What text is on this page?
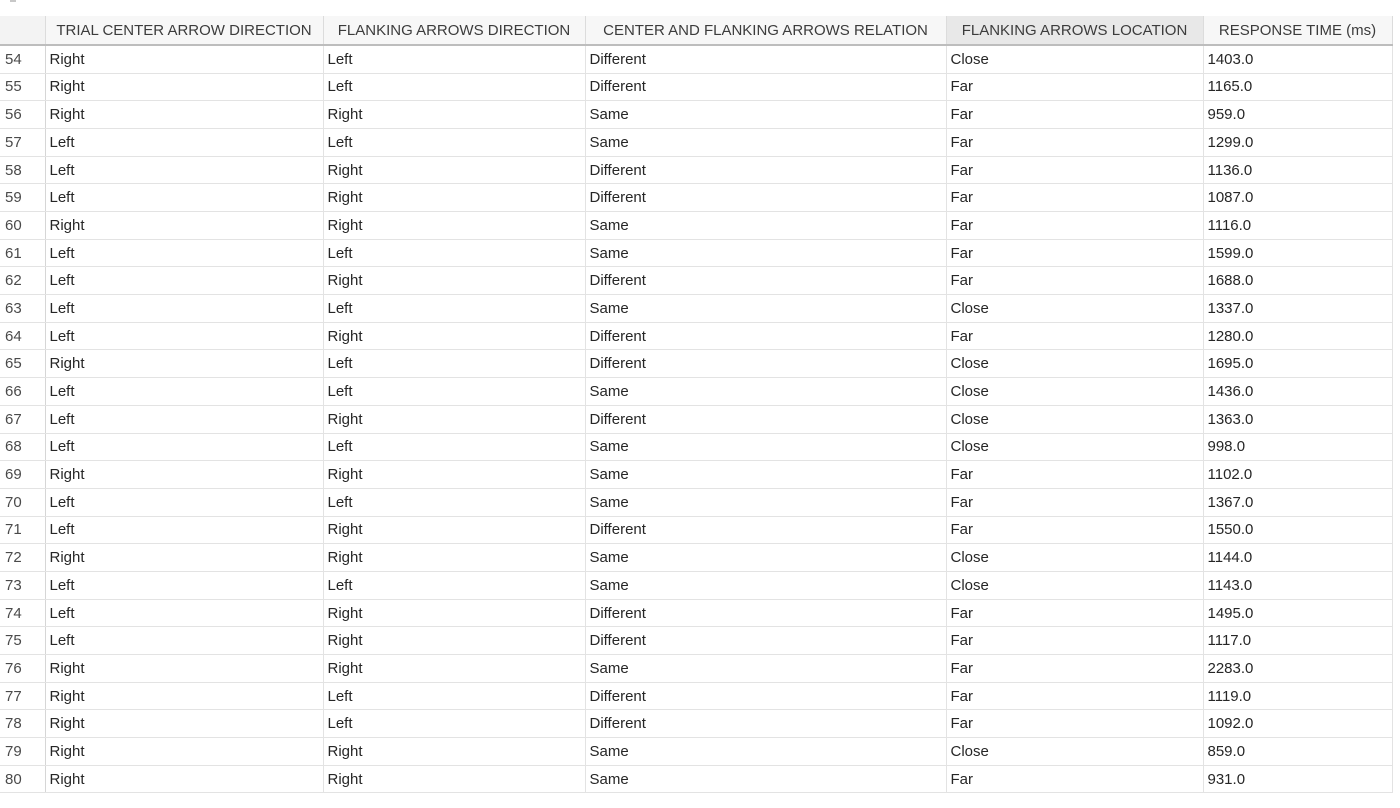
	TRIAL CENTER ARROW DIRECTION	FLANKING ARROWS DIRECTION	CENTER AND FLANKING ARROWS RELATION	FLANKING ARROWS LOCATION	RESPONSE TIME (ms)
54	Right	Left	Different	Close	1403.0
55	Right	Left	Different	Far	1165.0
56	Right	Right	Same	Far	959.0
57	Left	Left	Same	Far	1299.0
58	Left	Right	Different	Far	1136.0
59	Left	Right	Different	Far	1087.0
60	Right	Right	Same	Far	1116.0
61	Left	Left	Same	Far	1599.0
62	Left	Right	Different	Far	1688.0
63	Left	Left	Same	Close	1337.0
64	Left	Right	Different	Far	1280.0
65	Right	Left	Different	Close	1695.0
66	Left	Left	Same	Close	1436.0
67	Left	Right	Different	Close	1363.0
68	Left	Left	Same	Close	998.0
69	Right	Right	Same	Far	1102.0
70	Left	Left	Same	Far	1367.0
71	Left	Right	Different	Far	1550.0
72	Right	Right	Same	Close	1144.0
73	Left	Left	Same	Close	1143.0
74	Left	Right	Different	Far	1495.0
75	Left	Right	Different	Far	1117.0
76	Right	Right	Same	Far	2283.0
77	Right	Left	Different	Far	1119.0
78	Right	Left	Different	Far	1092.0
79	Right	Right	Same	Close	859.0
80	Right	Right	Same	Far	931.0
